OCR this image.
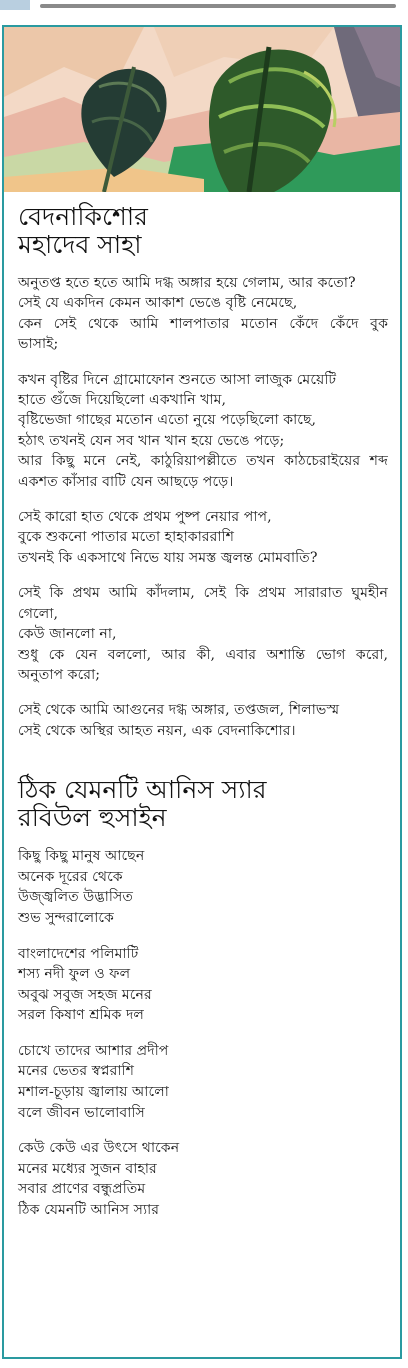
বেদনাকিশোর
মহাদেব সাহা
অনুতপ্ত হতে হতে আমি দগ্ধ অঙ্গার হয়ে গেলাম, আর কতো?
সেই যে একদিন কেমন আকাশ ভেঙে বৃষ্টি নেমেছে,
কেন সেই থেকে আমি শালপাতার মতোন কেঁদে কেঁদে বুক
ভাসাই;
কখন বৃষ্টির দিনে গ্রামোফোন শুনতে আসা লাজুক মেয়েটি
হাতে গুঁজে দিয়েছিলো একখানি খাম,
বৃষ্টিভেজা গাছের মতোন এতো নুয়ে পড়েছিলো কাছে,
হঠাৎ তখনই যেন সব খান খান হয়ে ভেঙে পড়ে;
আর কিছু মনে নেই, কাঠুরিয়াপল্লীতে তখন কাঠচেরাইয়ের শব্দ
একশত কাঁসার বাটি যেন আছড়ে পড়ে।
সেই কারো হাত থেকে প্রথম পুষ্প নেয়ার পাপ,
বুকে শুকনো পাতার মতো হাহাকাররাশি
তখনই কি একসাথে নিভে যায় সমস্ত জ্বলন্ত মোমবাতি?
সেই কি প্রথম আমি কাঁদলাম, সেই কি প্রথম সারারাত ঘুমহীন গেলো,
কেউ জানলো না,
শুধু কে যেন বললো, আর কী, এবার অশান্তি ভোগ করো,
অনুতাপ করো;
সেই থেকে আমি আগুনের দগ্ধ অঙ্গার, তপ্তজল, শিলাভস্ম
সেই থেকে অস্থির আহত নয়ন, এক বেদনাকিশোর।
ঠিক যেমনটি আনিস স্যার
রবিউল হুসাইন
কিছু কিছু মানুষ আছেন
অনেক দূরের থেকে
উজ্জ্বলিত উদ্ভাসিত
শুভ সুন্দরালোকে
বাংলাদেশের পলিমাটি
শস্য নদী ফুল ও ফল
অবুঝ সবুজ সহজ মনের
সরল কিষাণ শ্রমিক দল
চোখে তাদের আশার প্রদীপ
মনের ভেতর স্বপ্নরাশি
মশাল-চূড়ায় জ্বালায় আলো
বলে জীবন ভালোবাসি
কেউ কেউ এর উৎসে থাকেন
মনের মধ্যের সুজন বাহার
সবার প্রাণের বন্ধুপ্রতিম
ঠিক যেমনটি আনিস স্যার
